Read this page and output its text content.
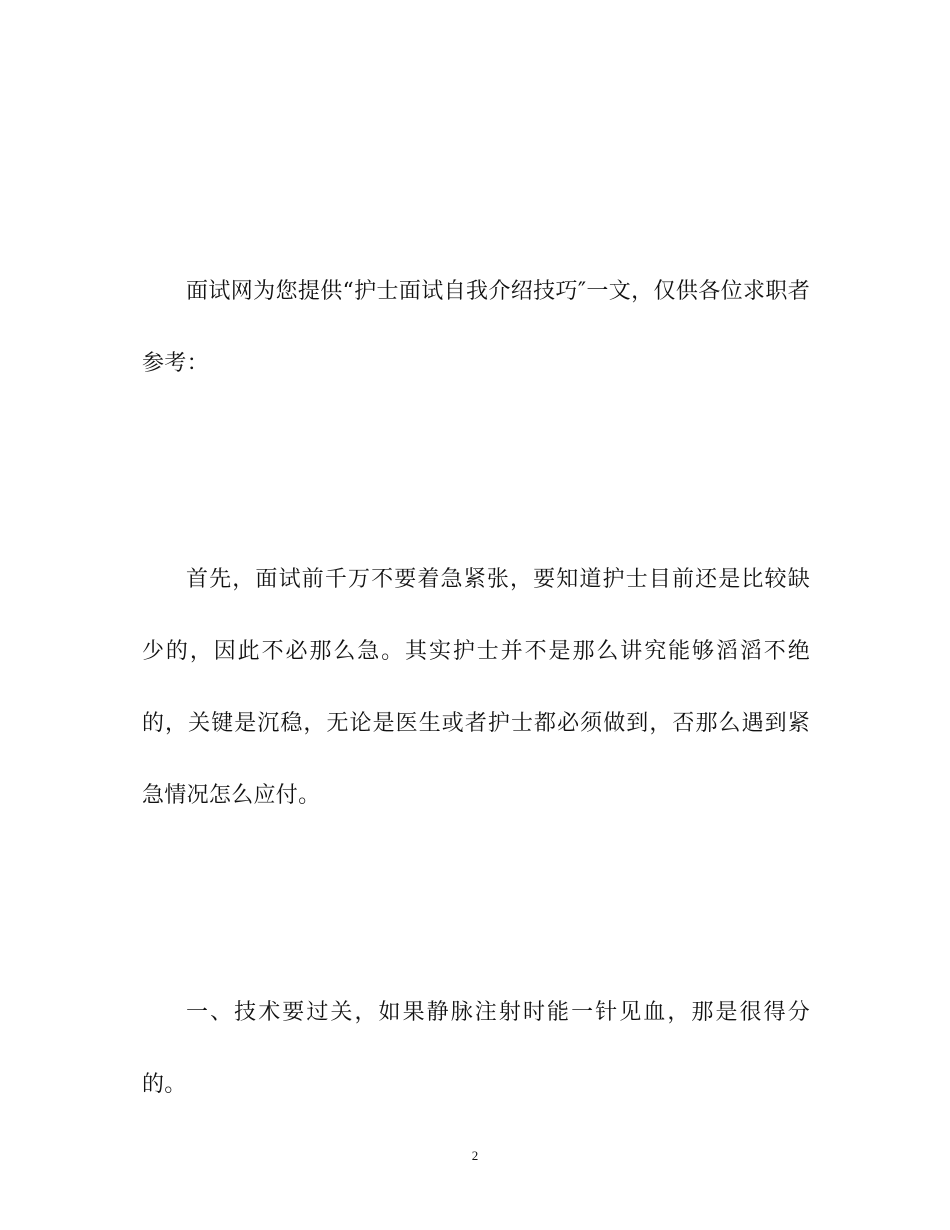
面试网为您提供“护士面试自我介绍技巧″一文，仅供各位求职者参考：

首先，面试前千万不要着急紧张，要知道护士目前还是比较缺少的，因此不必那么急。其实护士并不是那么讲究能够滔滔不绝的，关键是沉稳，无论是医生或者护士都必须做到，否那么遇到紧急情况怎么应付。

一、技术要过关，如果静脉注射时能一针见血，那是很得分的。

2
